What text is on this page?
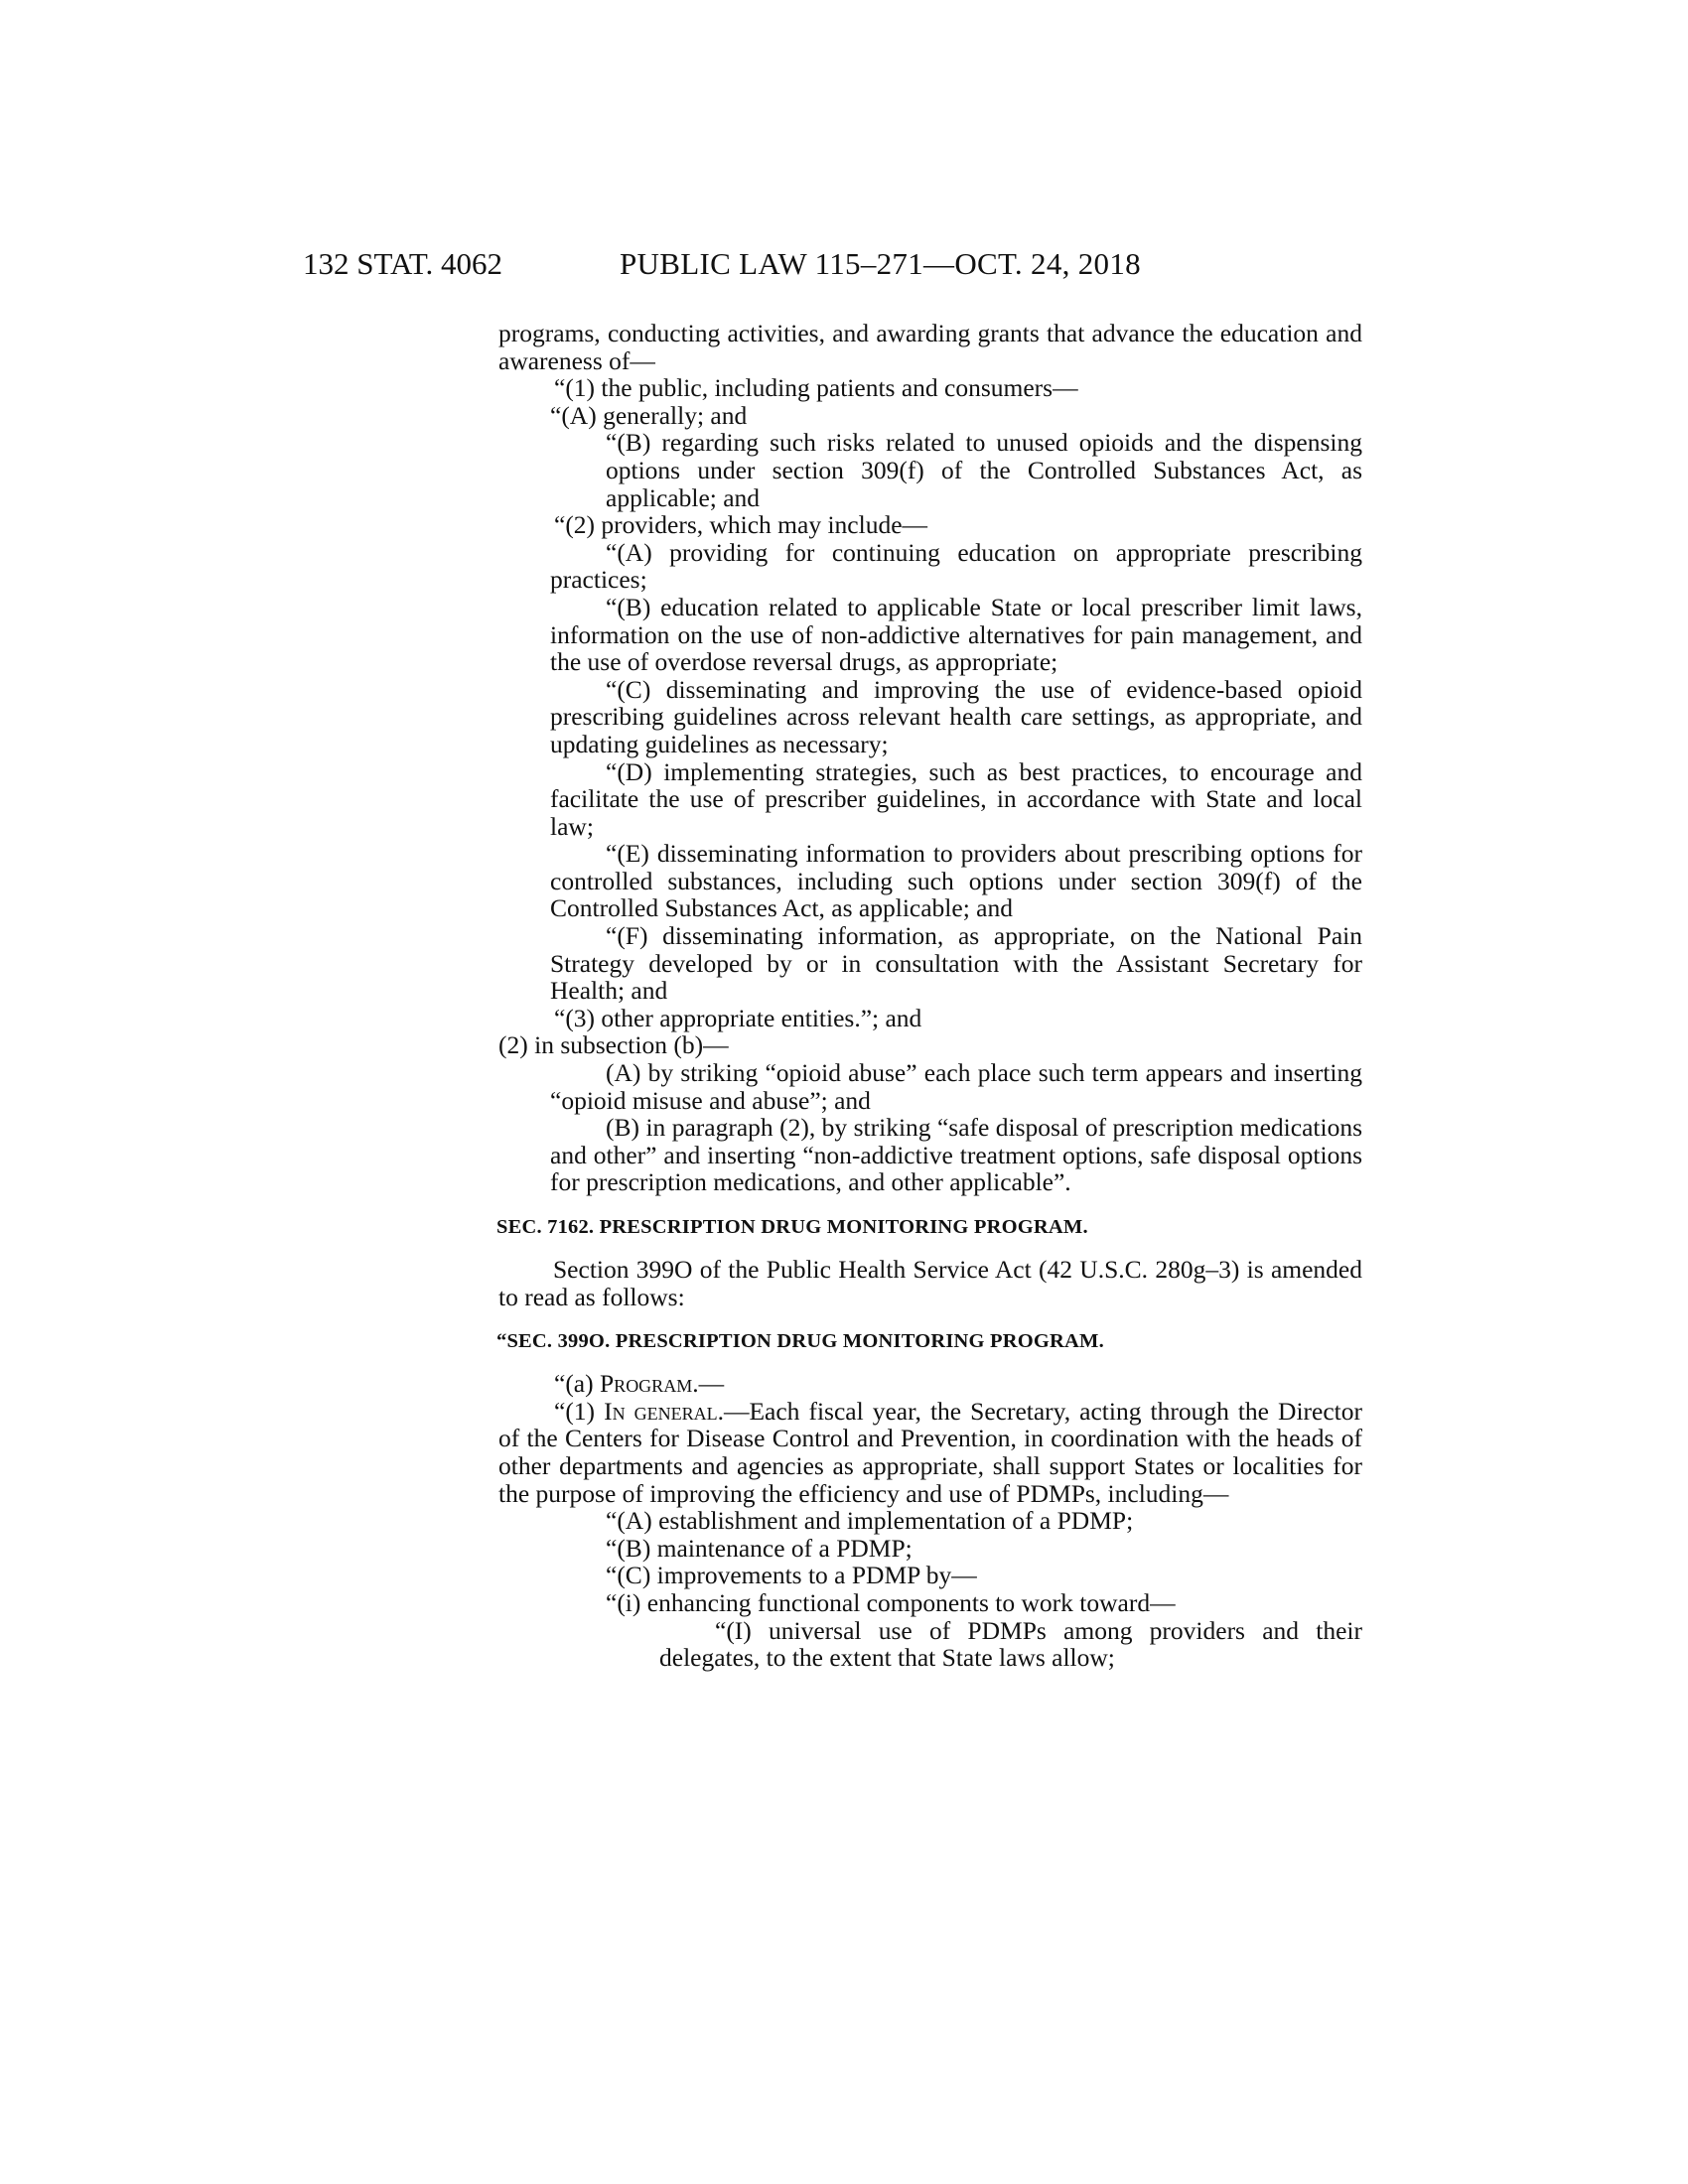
132 STAT. 4062	PUBLIC LAW 115–271—OCT. 24, 2018

programs, conducting activities, and awarding grants that advance the education and awareness of—

“(1) the public, including patients and consumers—

“(A) generally; and

“(B) regarding such risks related to unused opioids and the dispensing options under section 309(f) of the Controlled Substances Act, as applicable; and

“(2) providers, which may include—

“(A) providing for continuing education on appropriate prescribing practices;

“(B) education related to applicable State or local prescriber limit laws, information on the use of non-addictive alternatives for pain management, and the use of overdose reversal drugs, as appropriate;

“(C) disseminating and improving the use of evidence-based opioid prescribing guidelines across relevant health care settings, as appropriate, and updating guidelines as necessary;

“(D) implementing strategies, such as best practices, to encourage and facilitate the use of prescriber guidelines, in accordance with State and local law;

“(E) disseminating information to providers about prescribing options for controlled substances, including such options under section 309(f) of the Controlled Substances Act, as applicable; and

“(F) disseminating information, as appropriate, on the National Pain Strategy developed by or in consultation with the Assistant Secretary for Health; and

“(3) other appropriate entities.”; and

(2) in subsection (b)—

(A) by striking “opioid abuse” each place such term appears and inserting “opioid misuse and abuse”; and

(B) in paragraph (2), by striking “safe disposal of prescription medications and other” and inserting “non-addictive treatment options, safe disposal options for prescription medications, and other applicable”.

SEC. 7162. PRESCRIPTION DRUG MONITORING PROGRAM.

Section 399O of the Public Health Service Act (42 U.S.C. 280g–3) is amended to read as follows:

“SEC. 399O. PRESCRIPTION DRUG MONITORING PROGRAM.

“(a) Program.—

“(1) In general.—Each fiscal year, the Secretary, acting through the Director of the Centers for Disease Control and Prevention, in coordination with the heads of other departments and agencies as appropriate, shall support States or localities for the purpose of improving the efficiency and use of PDMPs, including—

“(A) establishment and implementation of a PDMP;

“(B) maintenance of a PDMP;

“(C) improvements to a PDMP by—

“(i) enhancing functional components to work toward—

“(I) universal use of PDMPs among providers and their delegates, to the extent that State laws allow;
